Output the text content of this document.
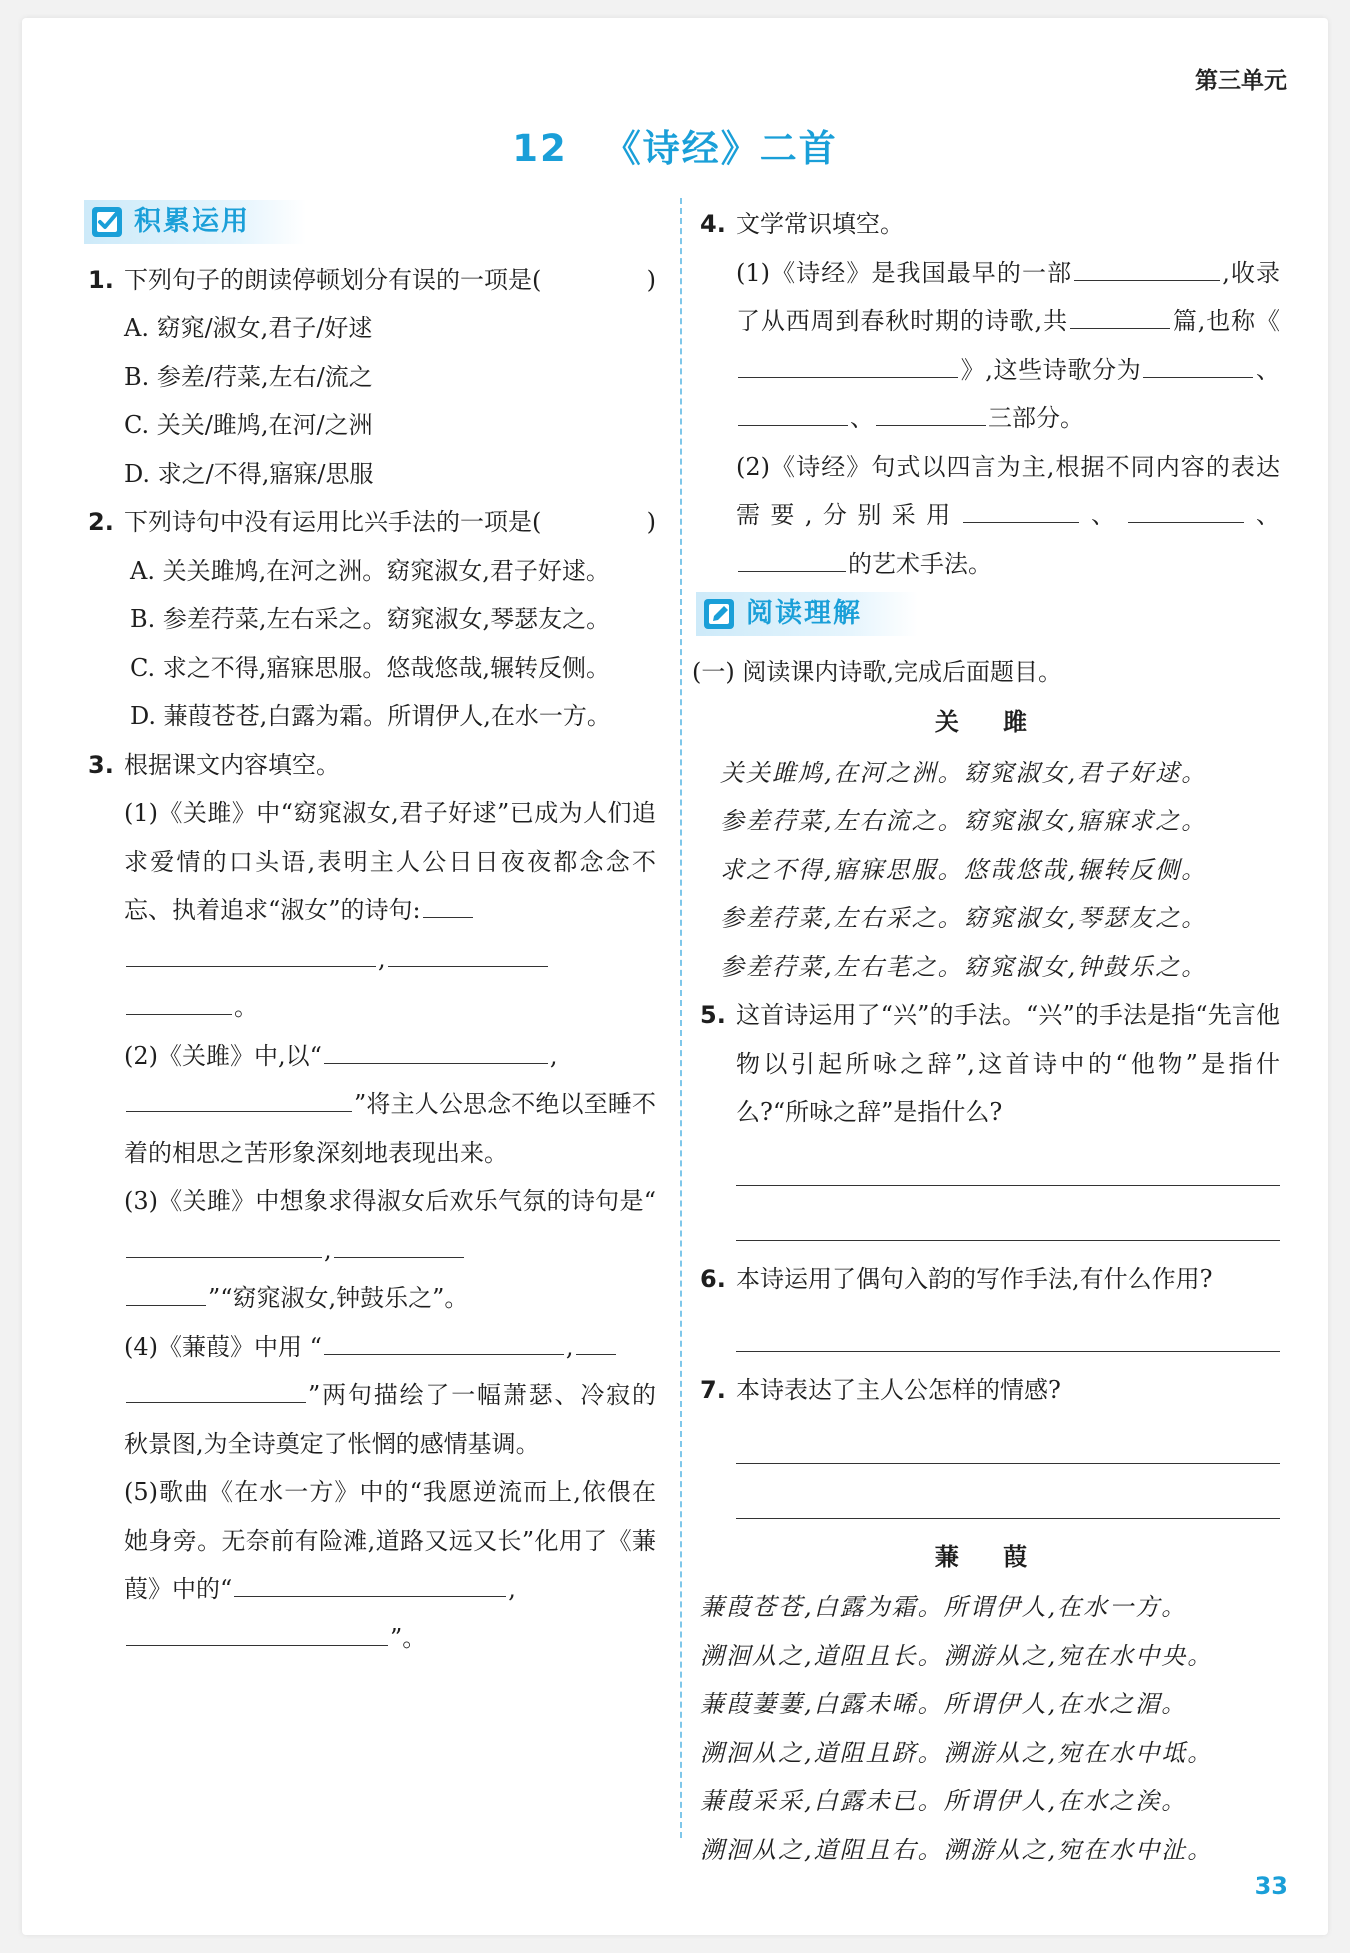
第三单元
12 《诗经》二首
积累运用
1. 下列句子的朗读停顿划分有误的一项是(	)
A. 窈窕/淑女,君子/好逑
B. 参差/荇菜,左右/流之
C. 关关/雎鸠,在河/之洲
D. 求之/不得,寤寐/思服
2. 下列诗句中没有运用比兴手法的一项是(	)
A. 关关雎鸠,在河之洲。窈窕淑女,君子好逑。
B. 参差荇菜,左右采之。窈窕淑女,琴瑟友之。
C. 求之不得,寤寐思服。悠哉悠哉,辗转反侧。
D. 蒹葭苍苍,白露为霜。所谓伊人,在水一方。
3. 根据课文内容填空。
(1)《关雎》中“窈窕淑女,君子好逑”已成为人们追求爱情的口头语,表明主人公日日夜夜都念念不忘、执着追求“淑女”的诗句:
,
。
(2)《关雎》中,以“	,
”将主人公思念不绝以至睡不着的相思之苦形象深刻地表现出来。
(3)《关雎》中想象求得淑女后欢乐气氛的诗句是“,
”“窈窕淑女,钟鼓乐之”。
(4)《蒹葭》中用 “	,
”两句描绘了一幅萧瑟、冷寂的秋景图,为全诗奠定了怅惘的感情基调。
(5)歌曲《在水一方》中的“我愿逆流而上,依偎在她身旁。无奈前有险滩,道路又远又长”化用了《蒹葭》中的“	,
”。
4. 文学常识填空。
(1)《诗经》是我国最早的一部	,收录了从西周到春秋时期的诗歌,共	篇,也称《》,这些诗歌分为	、、	三部分。
(2)《诗经》句式以四言为主,根据不同内容的表达需要,分别采用	、	、的艺术手法。
阅读理解
(一) 阅读课内诗歌,完成后面题目。
关 雎
关关雎鸠,在河之洲。窈窕淑女,君子好逑。
参差荇菜,左右流之。窈窕淑女,寤寐求之。
求之不得,寤寐思服。悠哉悠哉,辗转反侧。
参差荇菜,左右采之。窈窕淑女,琴瑟友之。
参差荇菜,左右芼之。窈窕淑女,钟鼓乐之。
5. 这首诗运用了“兴”的手法。“兴”的手法是指“先言他物以引起所咏之辞”,这首诗中的“他物”是指什么?“所咏之辞”是指什么?
6. 本诗运用了偶句入韵的写作手法,有什么作用?
7. 本诗表达了主人公怎样的情感?
蒹 葭
蒹葭苍苍,白露为霜。所谓伊人,在水一方。
溯洄从之,道阻且长。溯游从之,宛在水中央。
蒹葭萋萋,白露未晞。所谓伊人,在水之湄。
溯洄从之,道阻且跻。溯游从之,宛在水中坻。
蒹葭采采,白露未已。所谓伊人,在水之涘。
溯洄从之,道阻且右。溯游从之,宛在水中沚。
33
